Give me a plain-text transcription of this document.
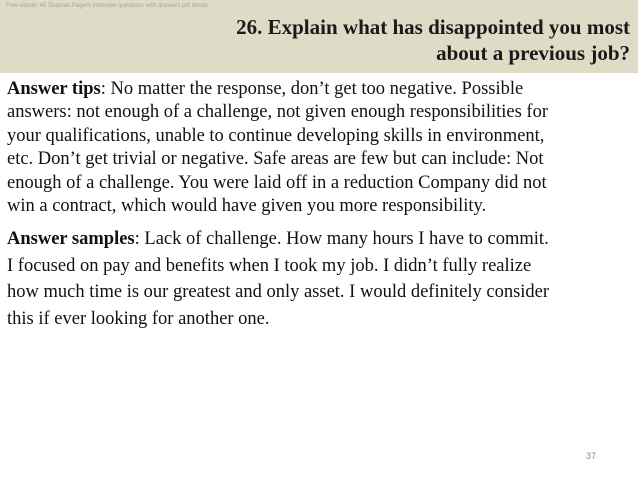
Free ebook: 45 Seaman Pagers interview questions with answers pdf ebook
26. Explain what has disappointed you most
about a previous job?

Answer tips: No matter the response, don’t get too negative. Possible
answers: not enough of a challenge, not given enough responsibilities for
your qualifications, unable to continue developing skills in environment,
etc. Don’t get trivial or negative. Safe areas are few but can include: Not
enough of a challenge. You were laid off in a reduction Company did not
win a contract, which would have given you more responsibility.

Answer samples: Lack of challenge. How many hours I have to commit.
I focused on pay and benefits when I took my job. I didn’t fully realize
how much time is our greatest and only asset. I would definitely consider
this if ever looking for another one.

37
